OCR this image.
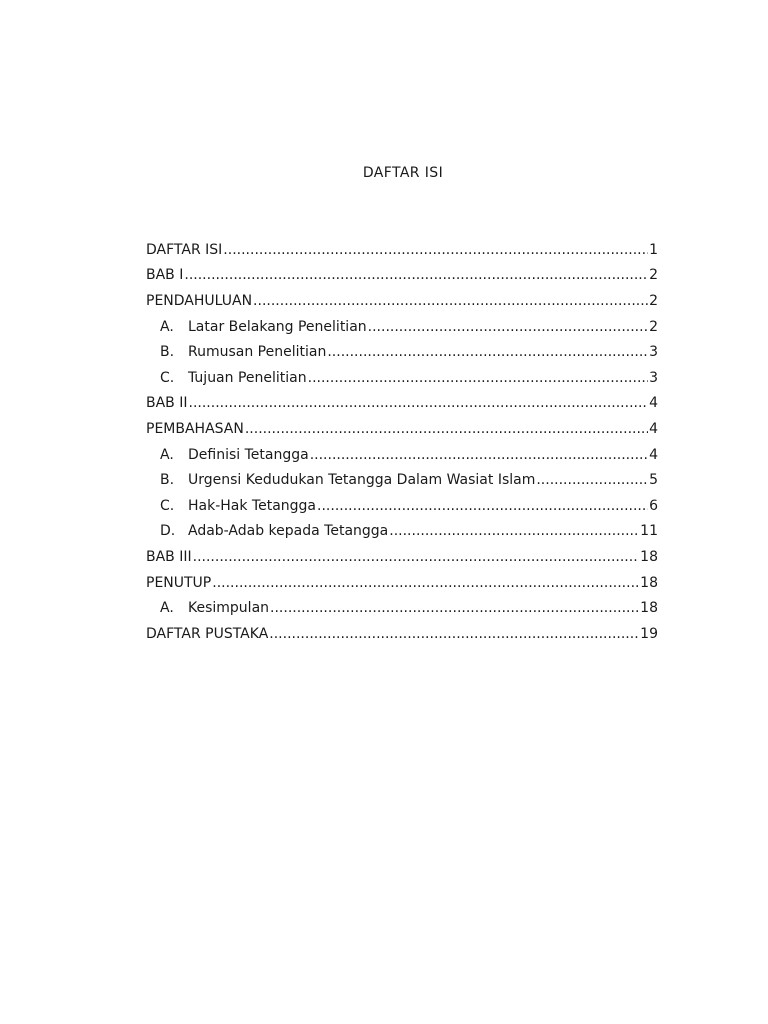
DAFTAR ISI
DAFTAR ISI .....	1
BAB I .....	2
PENDAHULUAN .....	2
A.	Latar Belakang Penelitian .....	2
B. Rumusan Penelitian .....	3
C. Tujuan Penelitian .....	3
BAB II .....	4
PEMBAHASAN .....	4
A.	Definisi Tetangga .....	4
B. Urgensi Kedudukan Tetangga Dalam Wasiat Islam .....	5
C. Hak-Hak Tetangga .....	6
D. Adab-Adab kepada Tetangga .....	11
BAB III .....	18
PENUTUP .....	18
A.	Kesimpulan .....	18
DAFTAR PUSTAKA .....	19
